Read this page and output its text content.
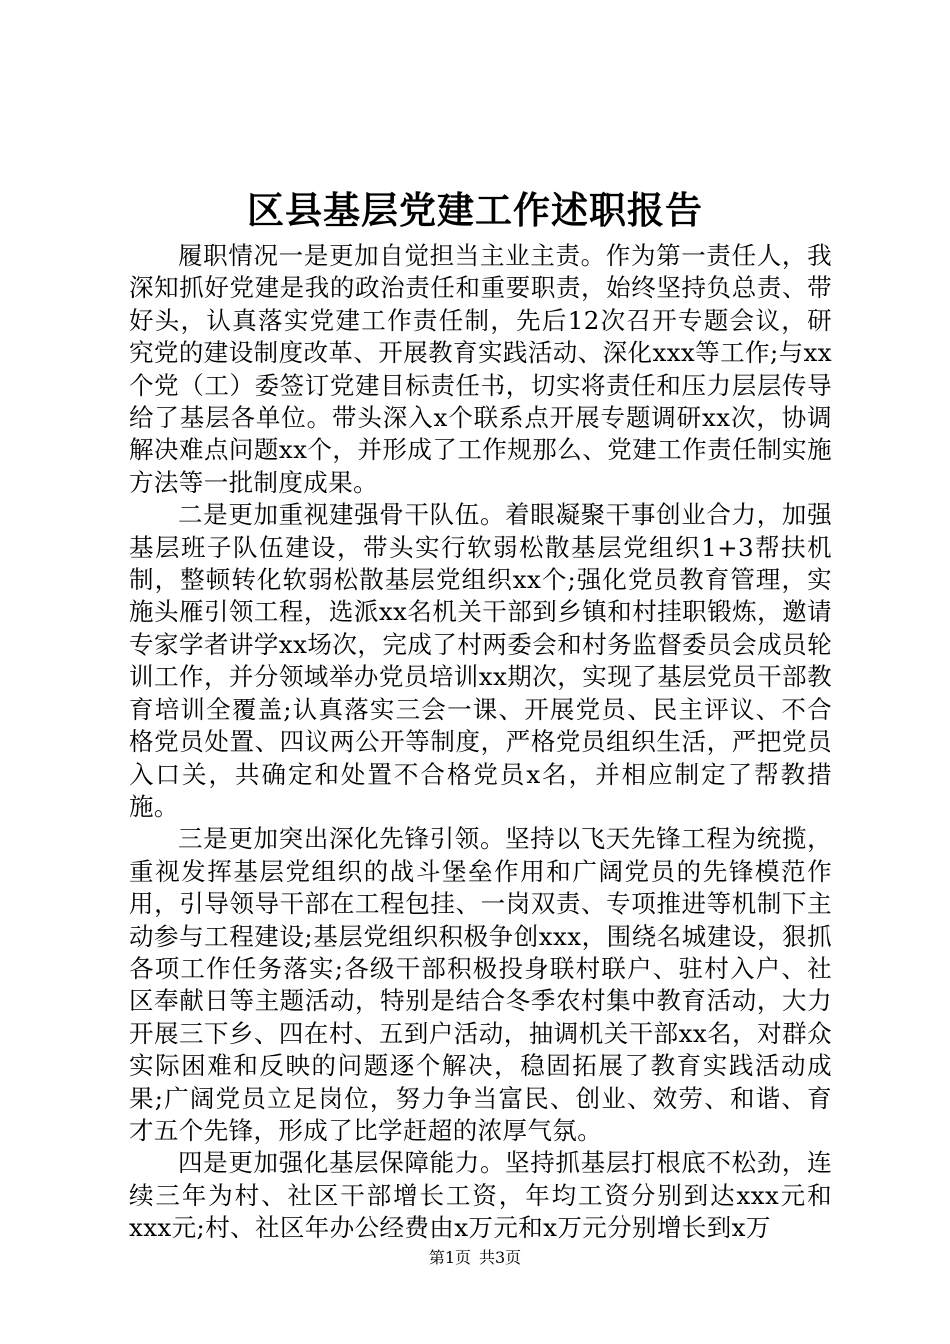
区县基层党建工作述职报告

履职情况一是更加自觉担当主业主责。作为第一责任人，我深知抓好党建是我的政治责任和重要职责，始终坚持负总责、带好头，认真落实党建工作责任制，先后12次召开专题会议，研究党的建设制度改革、开展教育实践活动、深化xxx等工作;与xx个党（工）委签订党建目标责任书，切实将责任和压力层层传导给了基层各单位。带头深入x个联系点开展专题调研xx次，协调解决难点问题xx个，并形成了工作规那么、党建工作责任制实施方法等一批制度成果。

二是更加重视建强骨干队伍。着眼凝聚干事创业合力，加强基层班子队伍建设，带头实行软弱松散基层党组织1+3帮扶机制，整顿转化软弱松散基层党组织xx个;强化党员教育管理，实施头雁引领工程，选派xx名机关干部到乡镇和村挂职锻炼，邀请专家学者讲学xx场次，完成了村两委会和村务监督委员会成员轮训工作，并分领域举办党员培训xx期次，实现了基层党员干部教育培训全覆盖;认真落实三会一课、开展党员、民主评议、不合格党员处置、四议两公开等制度，严格党员组织生活，严把党员入口关，共确定和处置不合格党员x名，并相应制定了帮教措施。

三是更加突出深化先锋引领。坚持以飞天先锋工程为统揽，重视发挥基层党组织的战斗堡垒作用和广阔党员的先锋模范作用，引导领导干部在工程包挂、一岗双责、专项推进等机制下主动参与工程建设;基层党组织积极争创xxx，围绕名城建设，狠抓各项工作任务落实;各级干部积极投身联村联户、驻村入户、社区奉献日等主题活动，特别是结合冬季农村集中教育活动，大力开展三下乡、四在村、五到户活动，抽调机关干部xx名，对群众实际困难和反映的问题逐个解决，稳固拓展了教育实践活动成果;广阔党员立足岗位，努力争当富民、创业、效劳、和谐、育才五个先锋，形成了比学赶超的浓厚气氛。

四是更加强化基层保障能力。坚持抓基层打根底不松劲，连续三年为村、社区干部增长工资，年均工资分别到达xxx元和xxx元;村、社区年办公经费由x万元和x万元分别增长到x万

第1页 共3页
